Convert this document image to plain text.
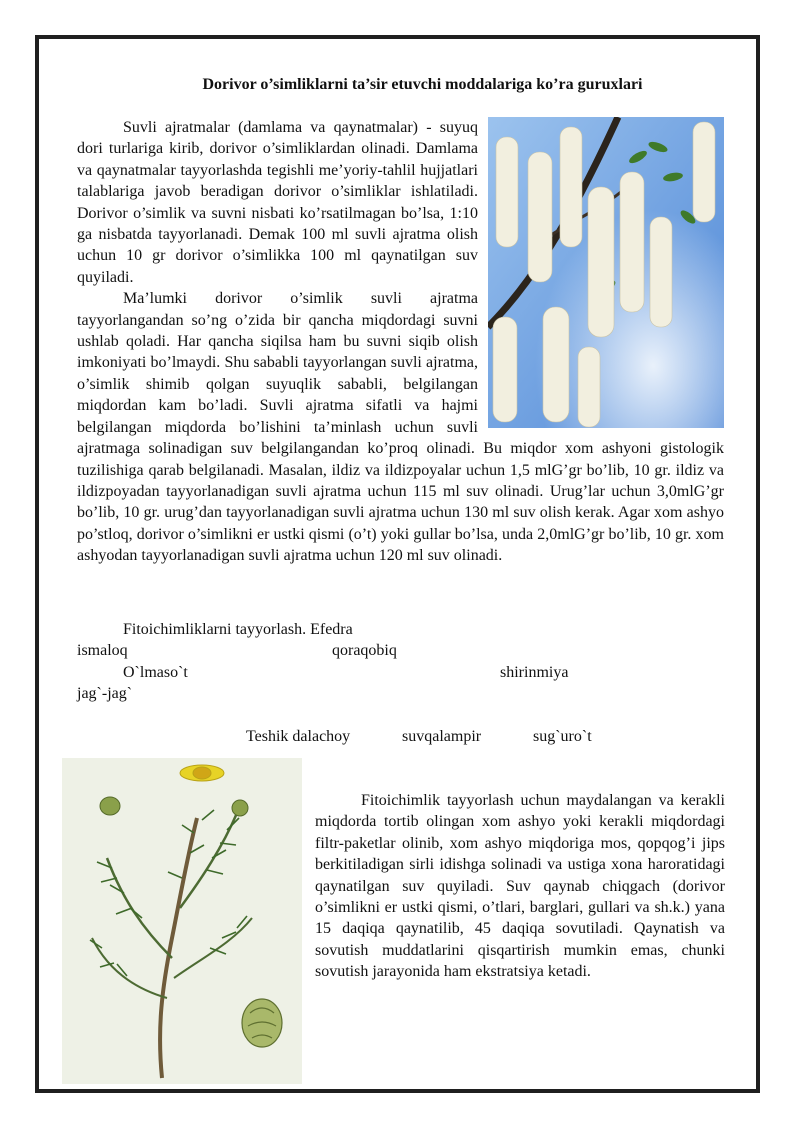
Dorivor o’simliklarni ta’sir etuvchi moddalariga ko’ra guruxlari

Suvli ajratmalar (damlama va qaynatmalar) - suyuq dori turlariga kirib, dorivor o’simliklardan olinadi. Damlama va qaynatmalar tayyorlashda tegishli me’yoriy-tahlil hujjatlari talablariga javob beradigan dorivor o’simliklar ishlatiladi. Dorivor o’simlik va suvni nisbati ko’rsatilmagan bo’lsa, 1:10 ga nisbatda tayyorlanadi. Demak 100 ml suvli ajratma olish uchun 10 gr dorivor o’simlikka 100 ml qaynatilgan suv quyiladi.

Ma’lumki dorivor o’simlik suvli ajratma tayyorlangandan so’ng o’zida bir qancha miqdordagi suvni ushlab qoladi. Har qancha siqilsa ham bu suvni siqib olish imkoniyati bo’lmaydi. Shu sababli tayyorlangan suvli ajratma, o’simlik shimib qolgan suyuqlik sababli, belgilangan miqdordan kam bo’ladi. Suvli ajratma sifatli va hajmi belgilangan miqdorda bo’lishini ta’minlash uchun suvli ajratmaga solinadigan suv belgilangandan ko’proq olinadi. Bu miqdor xom ashyoni gistologik tuzilishiga qarab belgilanadi. Masalan, ildiz va ildizpoyalar uchun 1,5 mlG’gr bo’lib, 10 gr. ildiz va ildizpoyadan tayyorlanadigan suvli ajratma uchun 115 ml suv olinadi. Urug’lar uchun 3,0mlG’gr bo’lib, 10 gr. urug’dan tayyorlanadigan suvli ajratma uchun 130 ml suv olish kerak. Agar xom ashyo po’stloq, dorivor o’simlikni er ustki qismi (o’t) yoki gullar bo’lsa, unda 2,0mlG’gr bo’lib, 10 gr. xom ashyodan tayyorlanadigan suvli ajratma uchun 120 ml suv olinadi.

Fitoichimliklarni tayyorlash. Efedra
ismaloq	qoraqobiq
O`lmaso`t	shirinmiya
jag`-jag`
Teshik dalachoy	suvqalampir	sug`uro`t

Fitoichimlik tayyorlash uchun maydalangan va kerakli miqdorda tortib olingan xom ashyo yoki kerakli miqdordagi filtr-paketlar olinib, xom ashyo miqdoriga mos, qopqog’i jips berkitiladigan sirli idishga solinadi va ustiga xona haroratidagi qaynatilgan suv quyiladi. Suv qaynab chiqgach (dorivor o’simlikni er ustki qismi, o’tlari, barglari, gullari va sh.k.) yana 15 daqiqa qaynatilib, 45 daqiqa sovutiladi. Qaynatish va sovutish muddatlarini qisqartirish mumkin emas, chunki sovutish jarayonida ham ekstratsiya ketadi.
